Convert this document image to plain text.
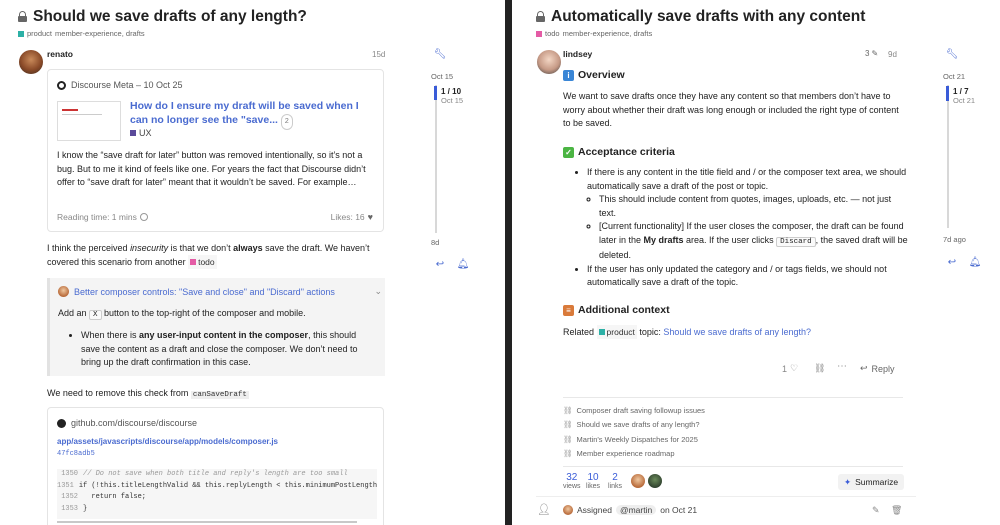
Should we save drafts of any length?
product member-experience, drafts
renato	15d
Discourse Meta – 10 Oct 25
How do I ensure my draft will be saved when I can no longer see the "save... 2
UX
I know the “save draft for later” button was removed intentionally, so it’s not a bug. But to me it kind of feels like one. For years the fact that Discourse didn’t offer to “save draft for later” meant that it wouldn’t be saved. For example…
Reading time: 1 mins	Likes: 16 ♥
I think the perceived insecurity is that we don’t always save the draft. We haven’t covered this scenario from another todo
Better composer controls: "Save and close" and "Discard" actions	⌄
Add an X button to the top-right of the composer and mobile.
• When there is any user-input content in the composer, this should save the content as a draft and close the composer. We don’t need to bring up the draft confirmation in this case.
We need to remove this check from canSaveDraft
github.com/discourse/discourse
app/assets/javascripts/discourse/app/models/composer.js
47fc8adb5
1350 // Do not save when both title and reply's length are too small
1351 if (!this.titleLengthValid && this.replyLength < this.minimumPostLength
1352 return false;
1353 }
🔧︎
Oct 15
1 / 10
Oct 15
8d
↩︎	🔔︎
Automatically save drafts with any content
todo member-experience, drafts
lindsey	3 ✎ 9d
i Overview
We want to save drafts once they have any content so that members don’t have to worry about whether their draft was long enough or included the right type of content to be saved.
✓ Acceptance criteria
• If there is any content in the title field and / or the composer text area, we should automatically save a draft of the post or topic.
◦ This should include content from quotes, images, uploads, etc. — not just text.
◦ [Current functionality] If the user closes the composer, the draft can be found later in the My drafts area. If the user clicks Discard , the saved draft will be deleted.
• If the user has only updated the category and / or tags fields, we should not automatically save a draft of the topic.
≡ Additional context
Related product topic: Should we save drafts of any length?
1 ♡ ⛓︎ ⋯ ↩︎ Reply
⛓︎ Composer draft saving followup issues
⛓︎ Should we save drafts of any length?
⛓︎ Martin's Weekly Dispatches for 2025
⛓︎ Member experience roadmap
32
views
10
likes
2
links	✦ Summarize
👤︎	Assigned @martin on Oct 21	✎ 🗑︎
🔧︎
Oct 21
1 / 7
Oct 21
7d ago
↩︎	🔔︎
